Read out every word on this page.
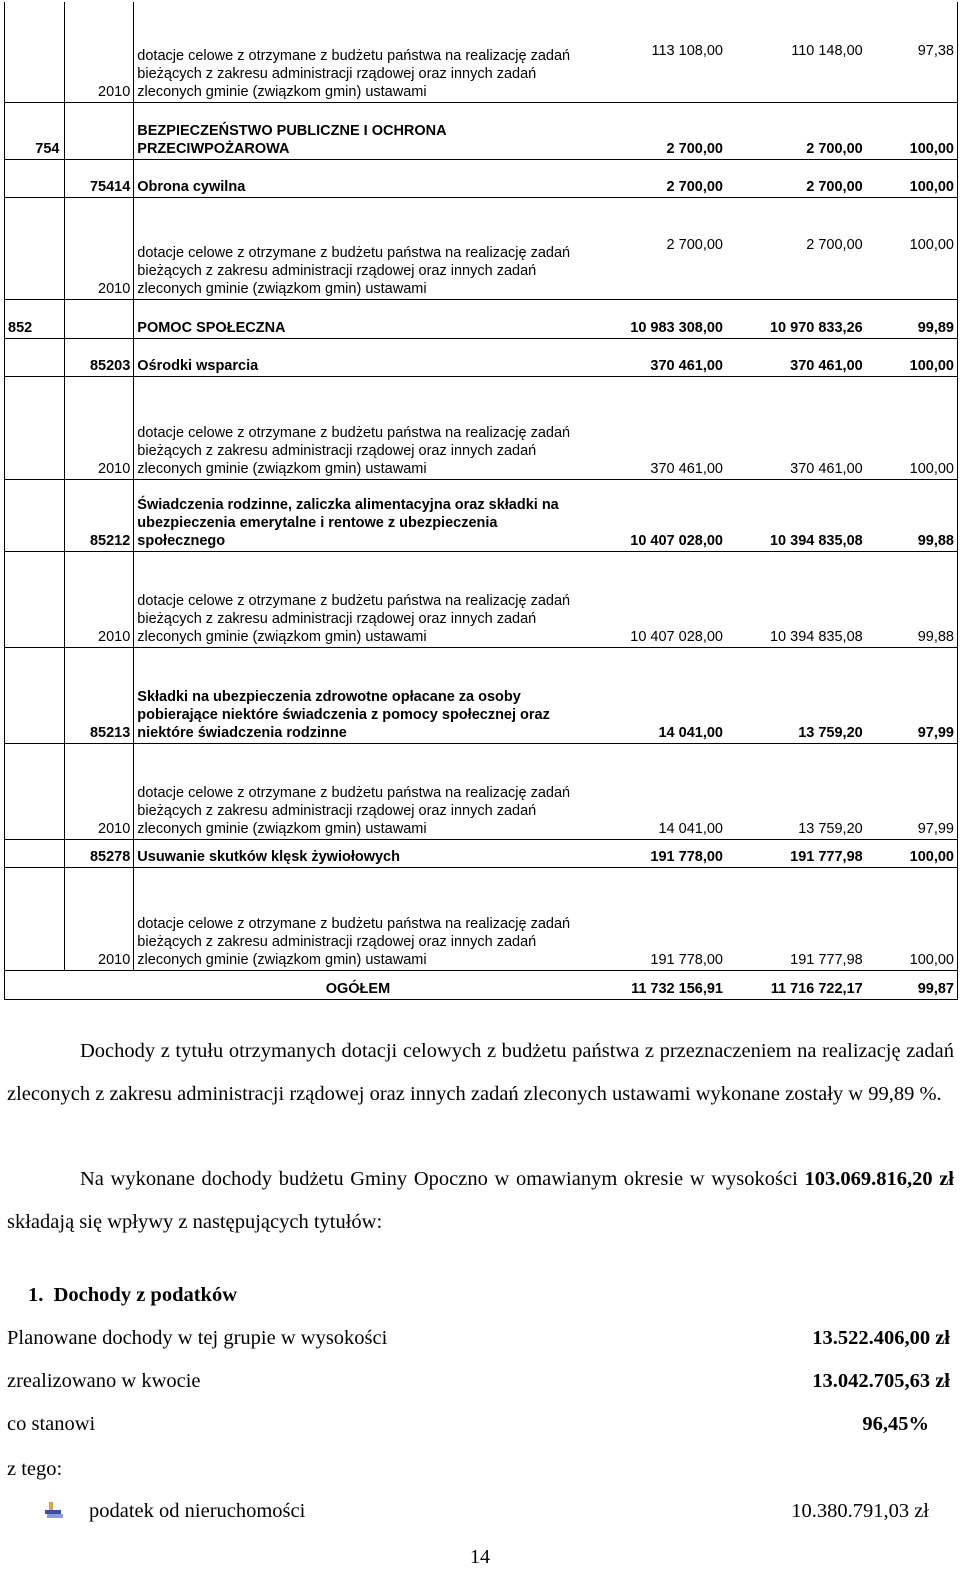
	2010	dotacje celowe z otrzymane z budżetu państwa na realizację zadań bieżących z zakresu administracji rządowej oraz innych zadań zleconych gminie (związkom gmin) ustawami	113 108,00	110 148,00	97,38
754		BEZPIECZEŃSTWO PUBLICZNE I OCHRONA PRZECIWPOŻAROWA	2 700,00	2 700,00	100,00
	75414	Obrona cywilna	2 700,00	2 700,00	100,00
	2010	dotacje celowe z otrzymane z budżetu państwa na realizację zadań bieżących z zakresu administracji rządowej oraz innych zadań zleconych gminie (związkom gmin) ustawami	2 700,00	2 700,00	100,00
852		POMOC SPOŁECZNA	10 983 308,00	10 970 833,26	99,89
	85203	Ośrodki wsparcia	370 461,00	370 461,00	100,00
	2010	dotacje celowe z otrzymane z budżetu państwa na realizację zadań bieżących z zakresu administracji rządowej oraz innych zadań zleconych gminie (związkom gmin) ustawami	370 461,00	370 461,00	100,00
	85212	Świadczenia rodzinne, zaliczka alimentacyjna oraz składki na ubezpieczenia emerytalne i rentowe z ubezpieczenia społecznego	10 407 028,00	10 394 835,08	99,88
	2010	dotacje celowe z otrzymane z budżetu państwa na realizację zadań bieżących z zakresu administracji rządowej oraz innych zadań zleconych gminie (związkom gmin) ustawami	10 407 028,00	10 394 835,08	99,88
	85213	Składki na ubezpieczenia zdrowotne opłacane za osoby pobierające niektóre świadczenia z pomocy społecznej oraz niektóre świadczenia rodzinne	14 041,00	13 759,20	97,99
	2010	dotacje celowe z otrzymane z budżetu państwa na realizację zadań bieżących z zakresu administracji rządowej oraz innych zadań zleconych gminie (związkom gmin) ustawami	14 041,00	13 759,20	97,99
	85278	Usuwanie skutków klęsk żywiołowych	191 778,00	191 777,98	100,00
	2010	dotacje celowe z otrzymane z budżetu państwa na realizację zadań bieżących z zakresu administracji rządowej oraz innych zadań zleconych gminie (związkom gmin) ustawami	191 778,00	191 777,98	100,00
		OGÓŁEM	11 732 156,91	11 716 722,17	99,87
Dochody z tytułu otrzymanych dotacji celowych z budżetu państwa z przeznaczeniem na realizację zadań zleconych z zakresu administracji rządowej oraz innych zadań zleconych ustawami wykonane zostały w 99,89 %.
Na wykonane dochody budżetu Gminy Opoczno w omawianym okresie w wysokości 103.069.816,20 zł składają się wpływy z następujących tytułów:
1. Dochody z podatków
Planowane dochody w tej grupie w wysokości	13.522.406,00 zł
zrealizowano w kwocie	13.042.705,63 zł
co stanowi	96,45%
z tego:
podatek od nieruchomości	10.380.791,03 zł
14
